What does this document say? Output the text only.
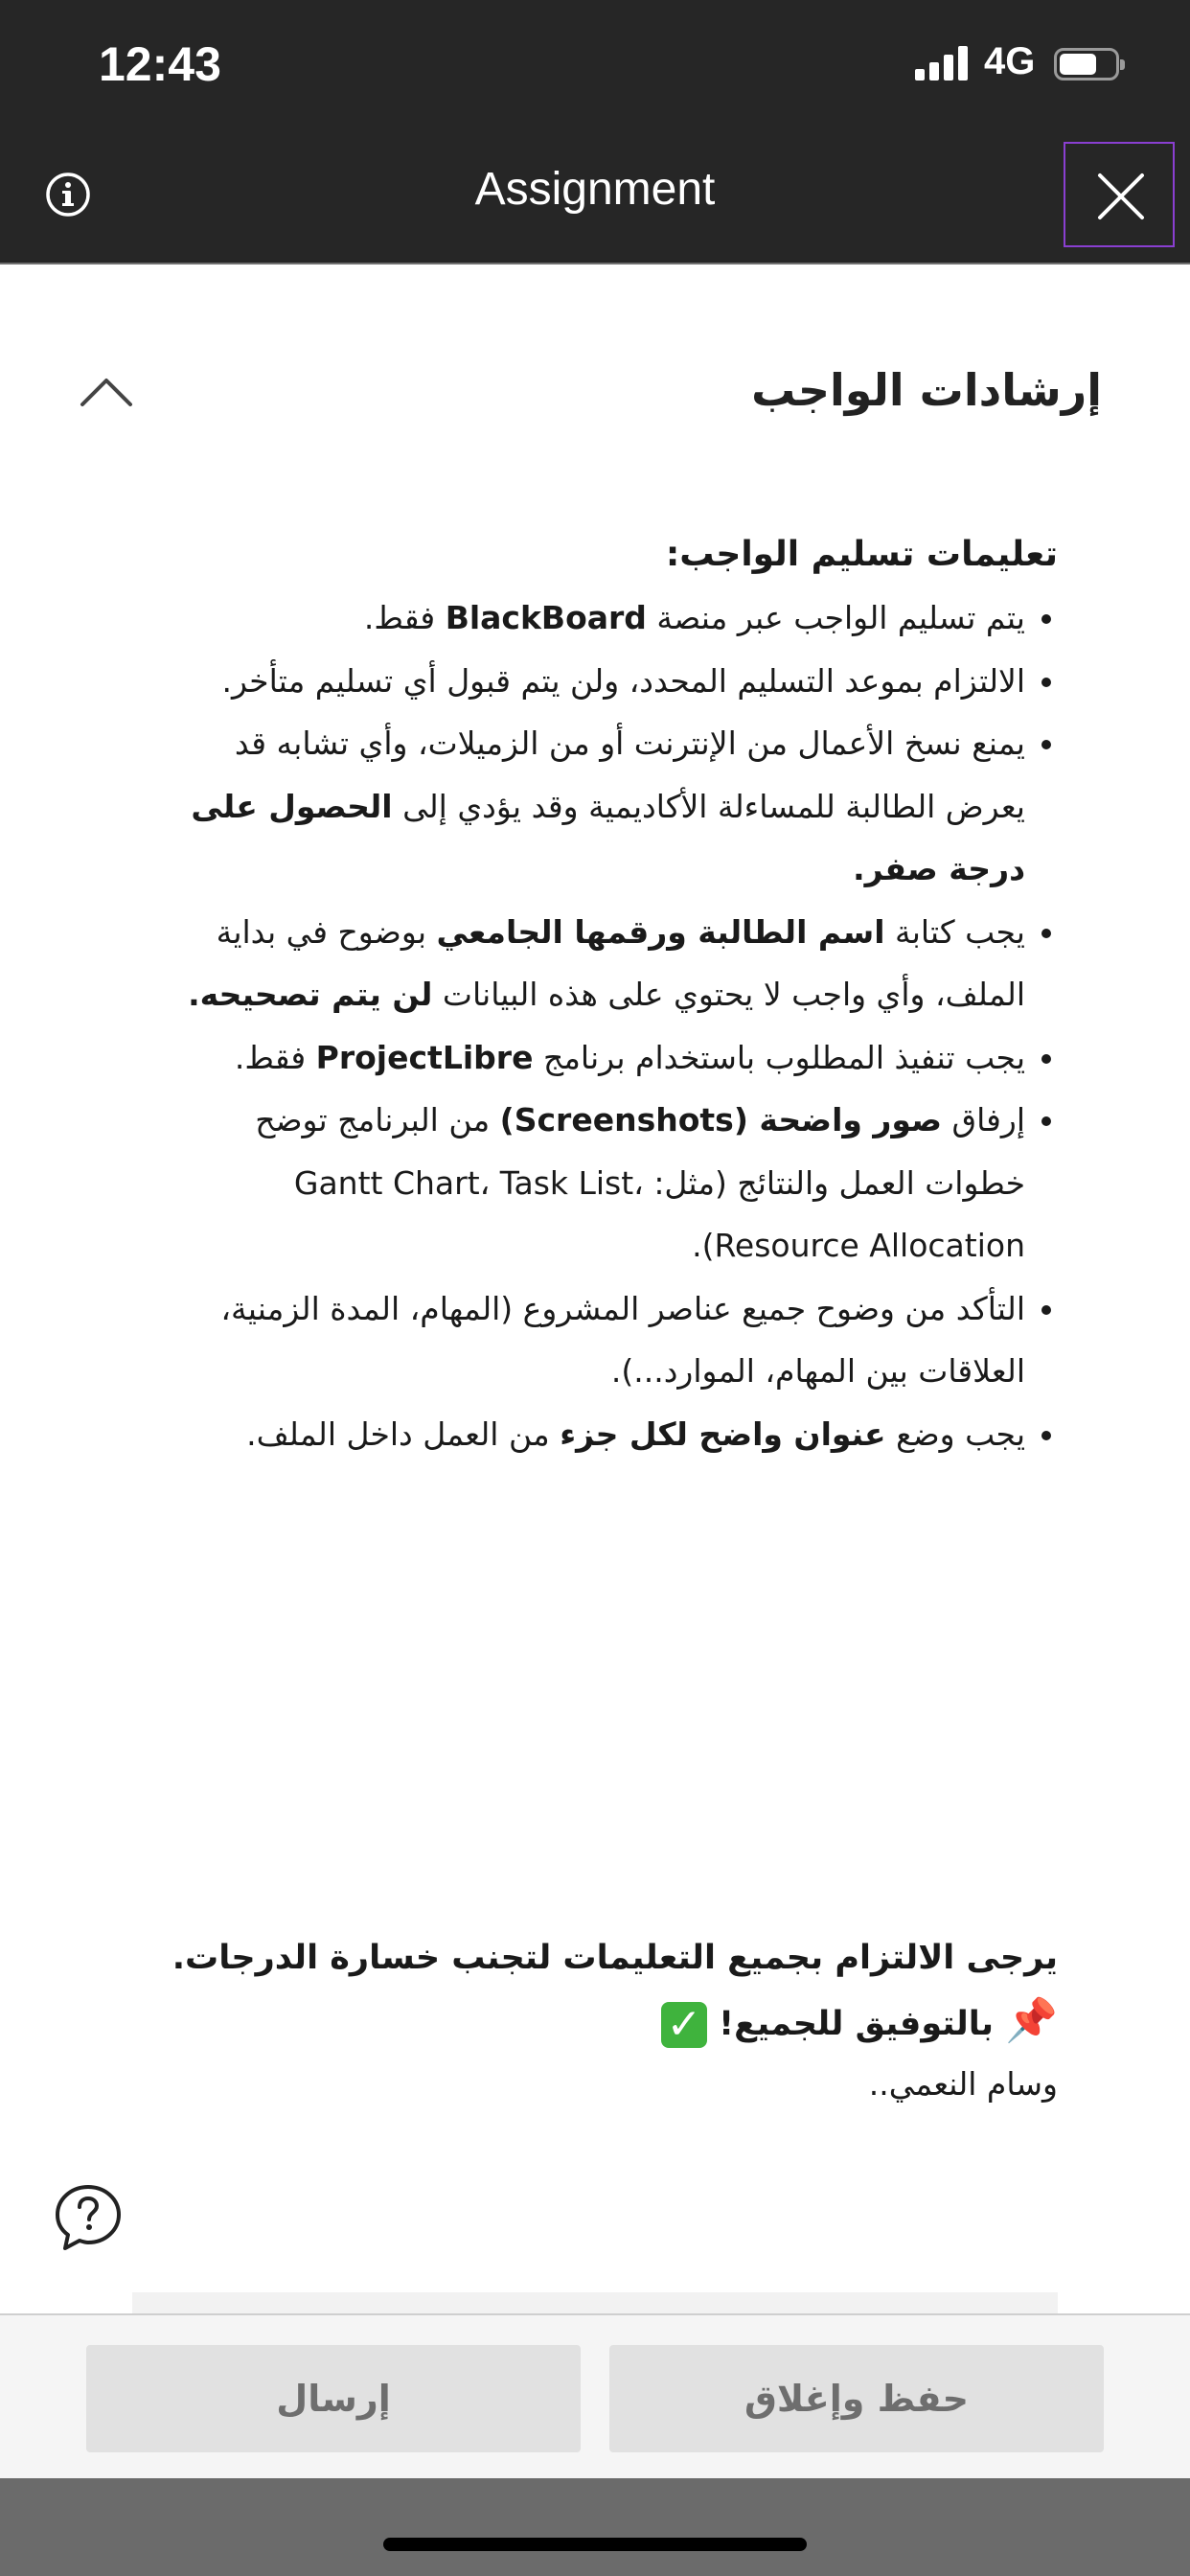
12:43	4G
Assignment
إرشادات الواجب
تعليمات تسليم الواجب:
• يتم تسليم الواجب عبر منصة BlackBoard فقط.
• الالتزام بموعد التسليم المحدد، ولن يتم قبول أي تسليم متأخر.
• يمنع نسخ الأعمال من الإنترنت أو من الزميلات، وأي تشابه قد يعرض الطالبة للمساءلة الأكاديمية وقد يؤدي إلى الحصول على درجة صفر.
• يجب كتابة اسم الطالبة ورقمها الجامعي بوضوح في بداية الملف، وأي واجب لا يحتوي على هذه البيانات لن يتم تصحيحه.
• يجب تنفيذ المطلوب باستخدام برنامج ProjectLibre فقط.
• إرفاق صور واضحة (Screenshots) من البرنامج توضح خطوات العمل والنتائج (مثل: Gantt Chart، Task List، Resource Allocation).
• التأكد من وضوح جميع عناصر المشروع (المهام، المدة الزمنية، العلاقات بين المهام، الموارد...).
• يجب وضع عنوان واضح لكل جزء من العمل داخل الملف.
يرجى الالتزام بجميع التعليمات لتجنب خسارة الدرجات.
📌 بالتوفيق للجميع! ✓
وسام النعمي..
إرسال	حفظ وإغلاق
